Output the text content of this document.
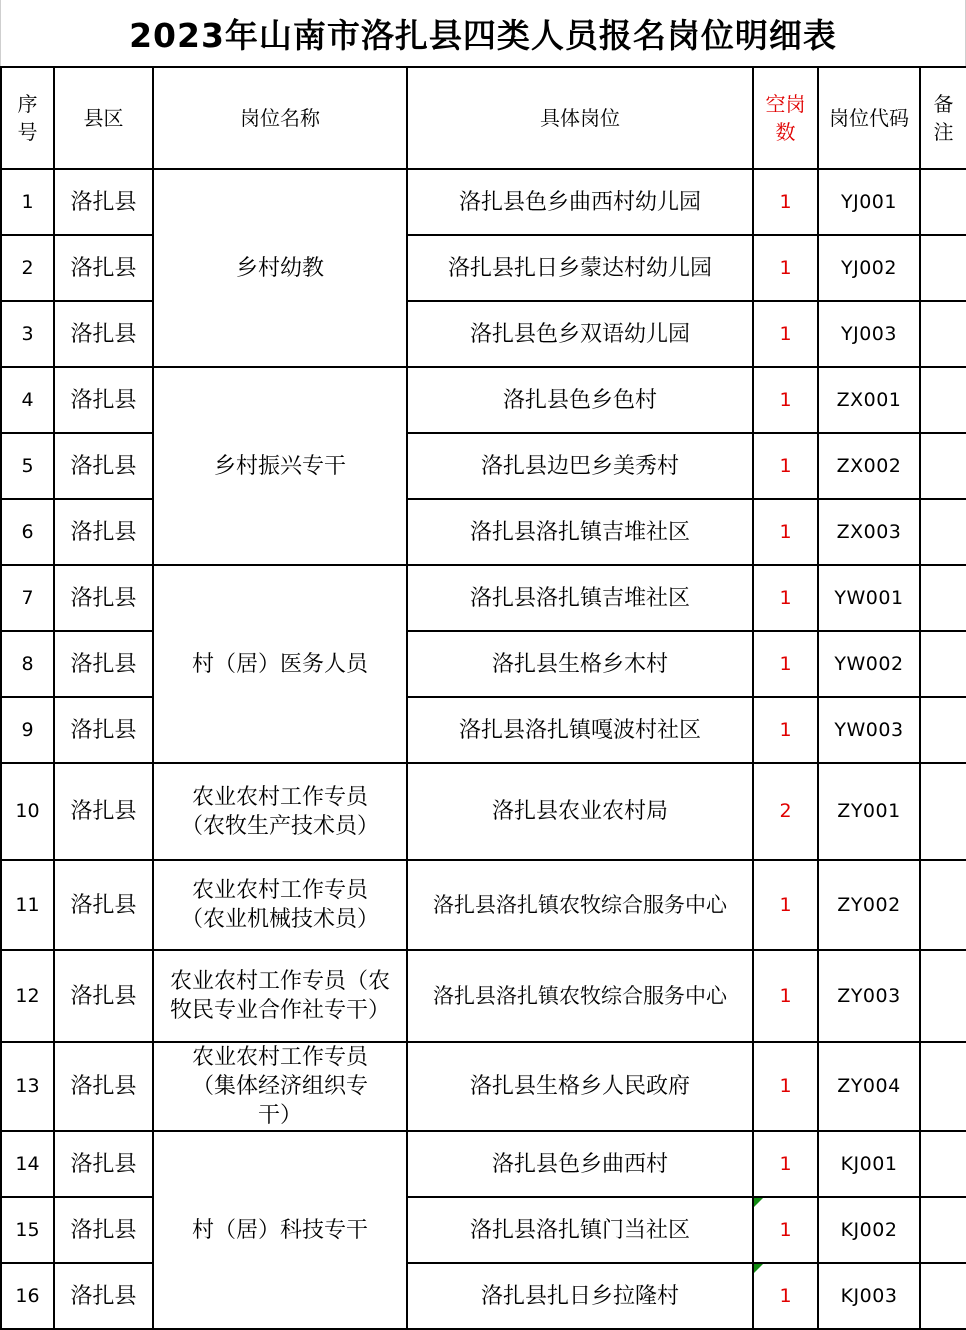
2023年山南市洛扎县四类人员报名岗位明细表
序号	县区	岗位名称	具体岗位	空岗数	岗位代码	备注
1	洛扎县	乡村幼教	洛扎县色乡曲西村幼儿园	1	YJ001	
2	洛扎县		洛扎县扎日乡蒙达村幼儿园	1	YJ002	
3	洛扎县		洛扎县色乡双语幼儿园	1	YJ003	
4	洛扎县	乡村振兴专干	洛扎县色乡色村	1	ZX001	
5	洛扎县		洛扎县边巴乡美秀村	1	ZX002	
6	洛扎县		洛扎县洛扎镇吉堆社区	1	ZX003	
7	洛扎县	村（居）医务人员	洛扎县洛扎镇吉堆社区	1	YW001	
8	洛扎县		洛扎县生格乡木村	1	YW002	
9	洛扎县		洛扎县洛扎镇嘎波村社区	1	YW003	
10	洛扎县	农业农村工作专员（农牧生产技术员）	洛扎县农业农村局	2	ZY001	
11	洛扎县	农业农村工作专员（农业机械技术员）	洛扎县洛扎镇农牧综合服务中心	1	ZY002	
12	洛扎县	农业农村工作专员（农牧民专业合作社专干）	洛扎县洛扎镇农牧综合服务中心	1	ZY003	
13	洛扎县	农业农村工作专员（集体经济组织专干）	洛扎县生格乡人民政府	1	ZY004	
14	洛扎县	村（居）科技专干	洛扎县色乡曲西村	1	KJ001	
15	洛扎县		洛扎县洛扎镇门当社区	1	KJ002	
16	洛扎县		洛扎县扎日乡拉隆村	1	KJ003	
